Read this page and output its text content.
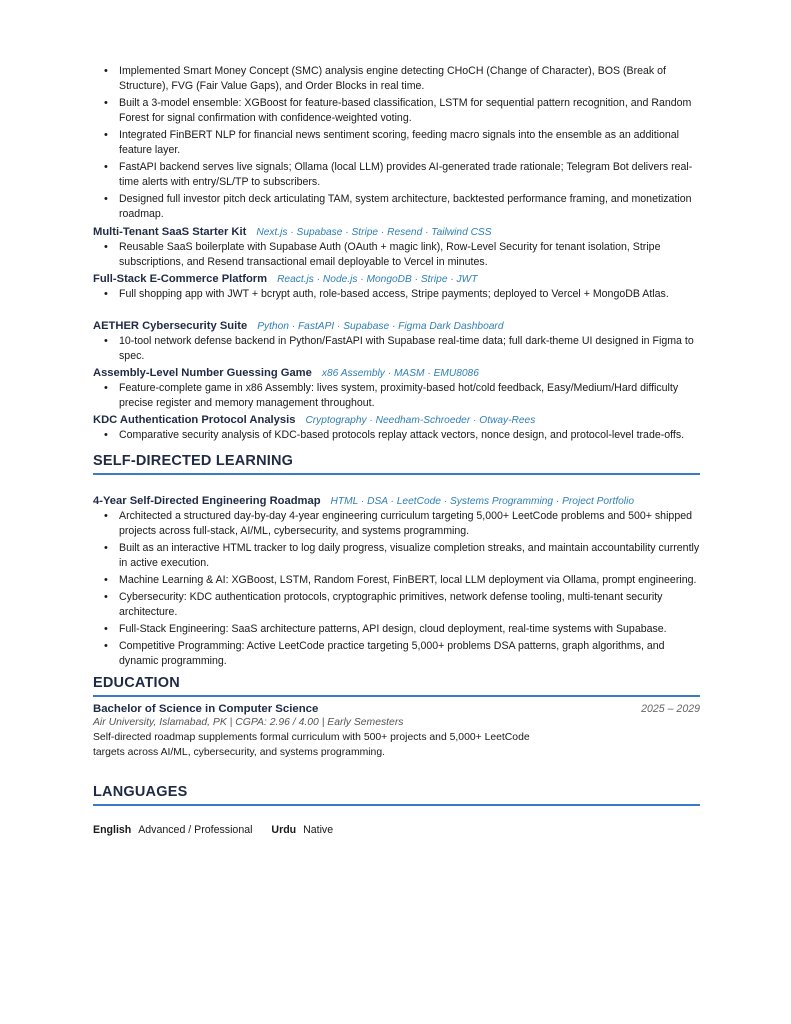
• Implemented Smart Money Concept (SMC) analysis engine detecting CHoCH (Change of Character), BOS (Break of Structure), FVG (Fair Value Gaps), and Order Blocks in real time.
• Built a 3-model ensemble: XGBoost for feature-based classification, LSTM for sequential pattern recognition, and Random Forest for signal confirmation with confidence-weighted voting.
• Integrated FinBERT NLP for financial news sentiment scoring, feeding macro signals into the ensemble as an additional feature layer.
• FastAPI backend serves live signals; Ollama (local LLM) provides AI-generated trade rationale; Telegram Bot delivers real-time alerts with entry/SL/TP to subscribers.
• Designed full investor pitch deck articulating TAM, system architecture, backtested performance framing, and monetization roadmap.
Multi-Tenant SaaS Starter Kit Next.js · Supabase · Stripe · Resend · Tailwind CSS
• Reusable SaaS boilerplate with Supabase Auth (OAuth + magic link), Row-Level Security for tenant isolation, Stripe subscriptions, and Resend transactional email deployable to Vercel in minutes.
Full-Stack E-Commerce Platform React.js · Node.js · MongoDB · Stripe · JWT
• Full shopping app with JWT + bcrypt auth, role-based access, Stripe payments; deployed to Vercel + MongoDB Atlas.
AETHER Cybersecurity Suite Python · FastAPI · Supabase · Figma Dark Dashboard
• 10-tool network defense backend in Python/FastAPI with Supabase real-time data; full dark-theme UI designed in Figma to spec.
Assembly-Level Number Guessing Game x86 Assembly · MASM · EMU8086
• Feature-complete game in x86 Assembly: lives system, proximity-based hot/cold feedback, Easy/Medium/Hard difficulty precise register and memory management throughout.
KDC Authentication Protocol Analysis Cryptography · Needham-Schroeder · Otway-Rees
• Comparative security analysis of KDC-based protocols replay attack vectors, nonce design, and protocol-level trade-offs.
SELF-DIRECTED LEARNING
4-Year Self-Directed Engineering Roadmap HTML · DSA · LeetCode · Systems Programming · Project Portfolio
• Architected a structured day-by-day 4-year engineering curriculum targeting 5,000+ LeetCode problems and 500+ shipped projects across full-stack, AI/ML, cybersecurity, and systems programming.
• Built as an interactive HTML tracker to log daily progress, visualize completion streaks, and maintain accountability currently in active execution.
• Machine Learning & AI: XGBoost, LSTM, Random Forest, FinBERT, local LLM deployment via Ollama, prompt engineering.
• Cybersecurity: KDC authentication protocols, cryptographic primitives, network defense tooling, multi-tenant security architecture.
• Full-Stack Engineering: SaaS architecture patterns, API design, cloud deployment, real-time systems with Supabase.
• Competitive Programming: Active LeetCode practice targeting 5,000+ problems DSA patterns, graph algorithms, and dynamic programming.
EDUCATION
Bachelor of Science in Computer Science	2025 – 2029
Air University, Islamabad, PK | CGPA: 2.96 / 4.00 | Early Semesters
Self-directed roadmap supplements formal curriculum with 500+ projects and 5,000+ LeetCode targets across AI/ML, cybersecurity, and systems programming.
LANGUAGES
English Advanced / Professional Urdu Native
